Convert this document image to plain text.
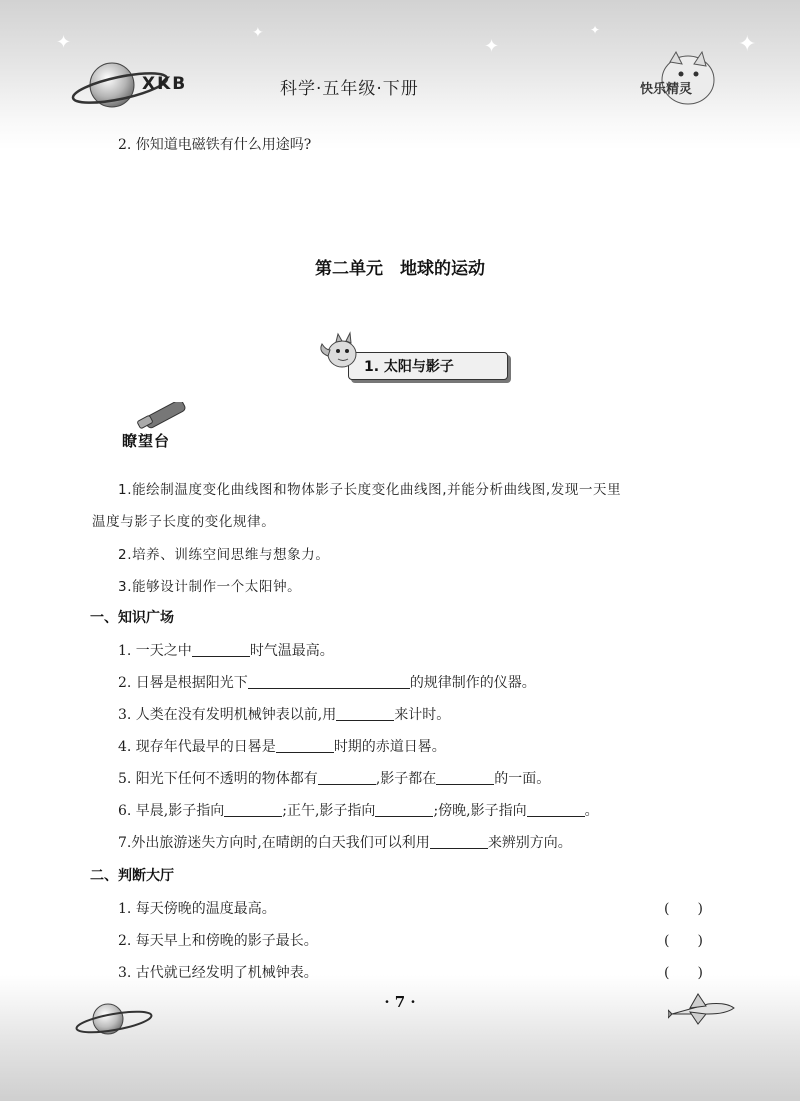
✦	✦
✦	✦
✦
XKB	科学·五年级·下册	快乐精灵
2. 你知道电磁铁有什么用途吗?
第二单元　地球的运动
1. 太阳与影子
瞭望台
1.能绘制温度变化曲线图和物体影子长度变化曲线图,并能分析曲线图,发现一天里
温度与影子长度的变化规律。
2.培养、训练空间思维与想象力。
3.能够设计制作一个太阳钟。
一、知识广场
1. 一天之中	时气温最高。
2. 日晷是根据阳光下	的规律制作的仪器。
3. 人类在没有发明机械钟表以前,用	来计时。
4. 现存年代最早的日晷是	时期的赤道日晷。
5. 阳光下任何不透明的物体都有	,影子都在	的一面。
6. 早晨,影子指向	;正午,影子指向	;傍晚,影子指向	。
7.外出旅游迷失方向时,在晴朗的白天我们可以利用	来辨别方向。
二、判断大厅
1. 每天傍晚的温度最高。	(　　)
2. 每天早上和傍晚的影子最长。	(　　)
3. 古代就已经发明了机械钟表。	(　　)
· 7 ·
